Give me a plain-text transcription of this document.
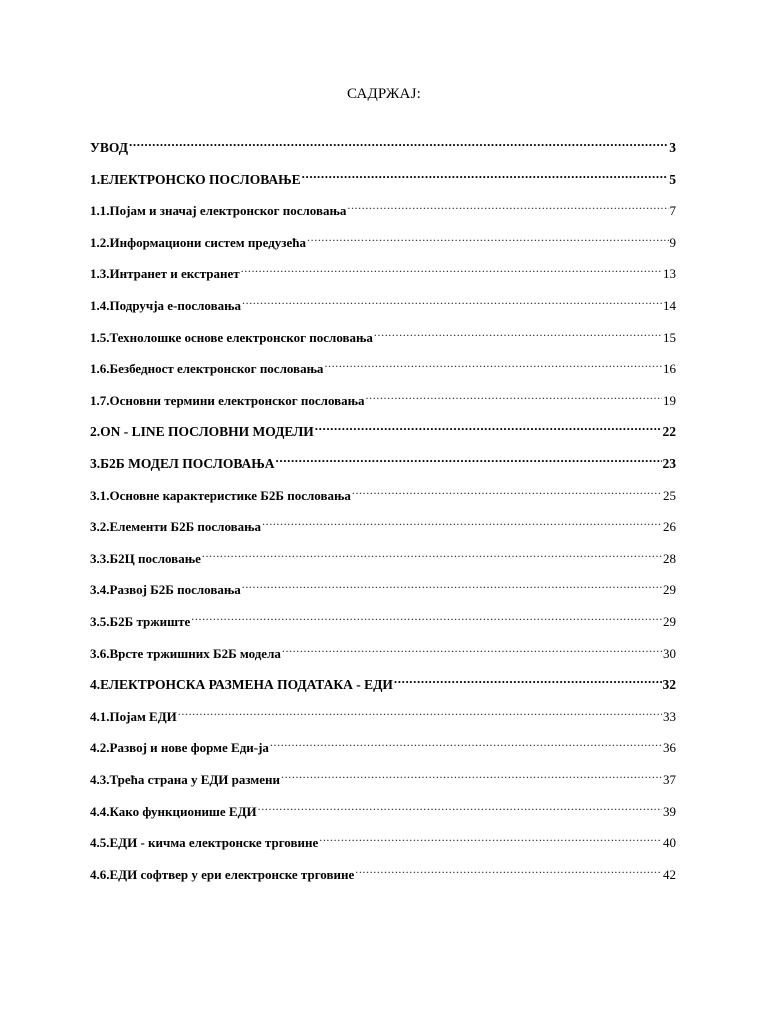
САДРЖАЈ:
УВОД .....	3
1.ЕЛЕКТРОНСКО ПОСЛОВАЊЕ .....	5
1.1.Појам и значај електронског пословања .....	7
1.2.Информациони систем предузећа .....	9
1.3.Интранет и екстранет .....	13
1.4.Подручја е-пословања .....	14
1.5.Технолошке основе електронског пословања .....	15
1.6.Безбедност електронског пословања .....	16
1.7.Основни термини електронског пословања .....	19
2.ON - LINE ПОСЛОВНИ МОДЕЛИ .....	22
3.Б2Б МОДЕЛ ПОСЛОВАЊА .....	23
3.1.Основне карактеристике Б2Б пословања .....	25
3.2.Елементи Б2Б пословања .....	26
3.3.Б2Ц пословање .....	28
3.4.Развој Б2Б пословања .....	29
3.5.Б2Б тржиште .....	29
3.6.Врсте тржишних Б2Б модела .....	30
4.ЕЛЕКТРОНСКА РАЗМЕНА ПОДАТАКА - ЕДИ .....	32
4.1.Појам ЕДИ .....	33
4.2.Развој и нове форме Еди-ја .....	36
4.3.Трећа страна у ЕДИ размени .....	37
4.4.Како функционише ЕДИ .....	39
4.5.ЕДИ - кичма електронске трговине .....	40
4.6.ЕДИ софтвер у ери електронске трговине .....	42
